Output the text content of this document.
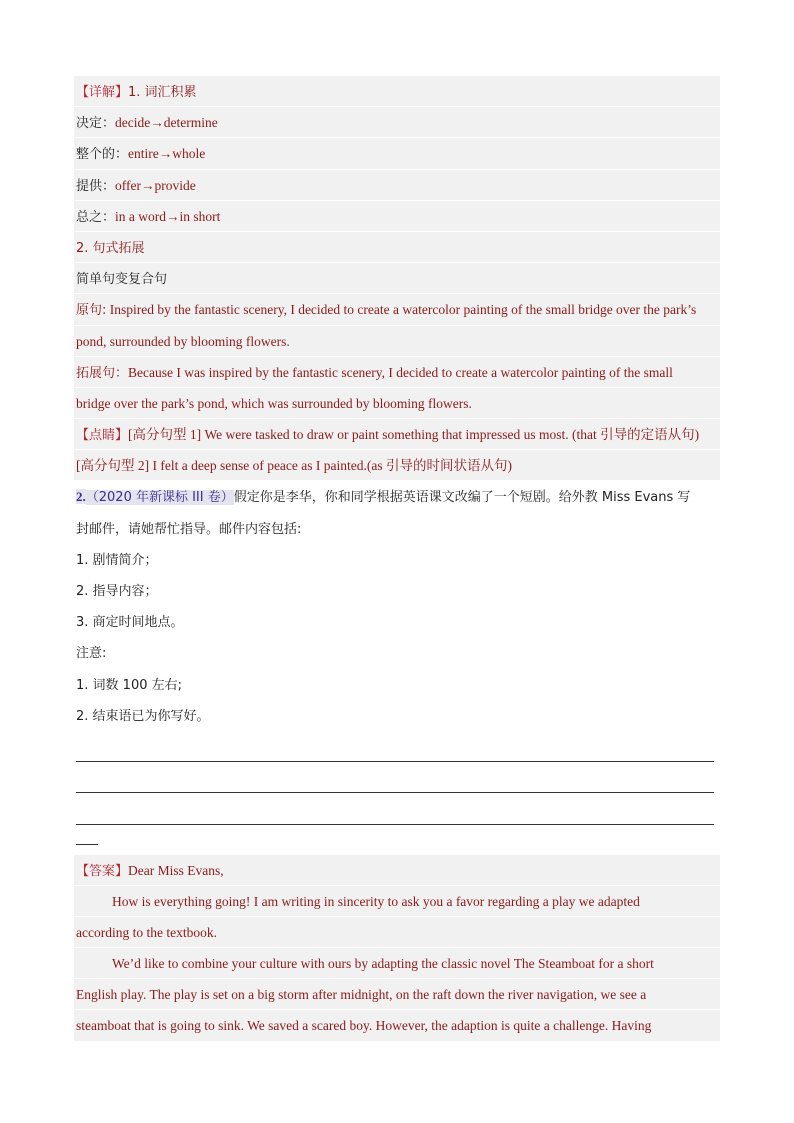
【详解】1. 词汇积累
决定：decide→determine
整个的：entire→whole
提供：offer→provide
总之：in a word→in short
2. 句式拓展
简单句变复合句
原句: Inspired by the fantastic scenery, I decided to create a watercolor painting of the small bridge over the park’s
pond, surrounded by blooming flowers.
拓展句：Because I was inspired by the fantastic scenery, I decided to create a watercolor painting of the small
bridge over the park’s pond, which was surrounded by blooming flowers.
【点睛】[高分句型 1] We were tasked to draw or paint something that impressed us most. (that 引导的定语从句)
[高分句型 2] I felt a deep sense of peace as I painted.(as 引导的时间状语从句)
2.（2020 年新课标 III 卷）假定你是李华，你和同学根据英语课文改编了一个短剧。给外教 Miss Evans 写
封邮件，请她帮忙指导。邮件内容包括:
1. 剧情简介；
2. 指导内容；
3. 商定时间地点。
注意:
1. 词数 100 左右;
2. 结束语已为你写好。
【答案】Dear Miss Evans,
How is everything going! I am writing in sincerity to ask you a favor regarding a play we adapted
according to the textbook.
We’d like to combine your culture with ours by adapting the classic novel The Steamboat for a short
English play. The play is set on a big storm after midnight, on the raft down the river navigation, we see a
steamboat that is going to sink. We saved a scared boy. However, the adaption is quite a challenge. Having
